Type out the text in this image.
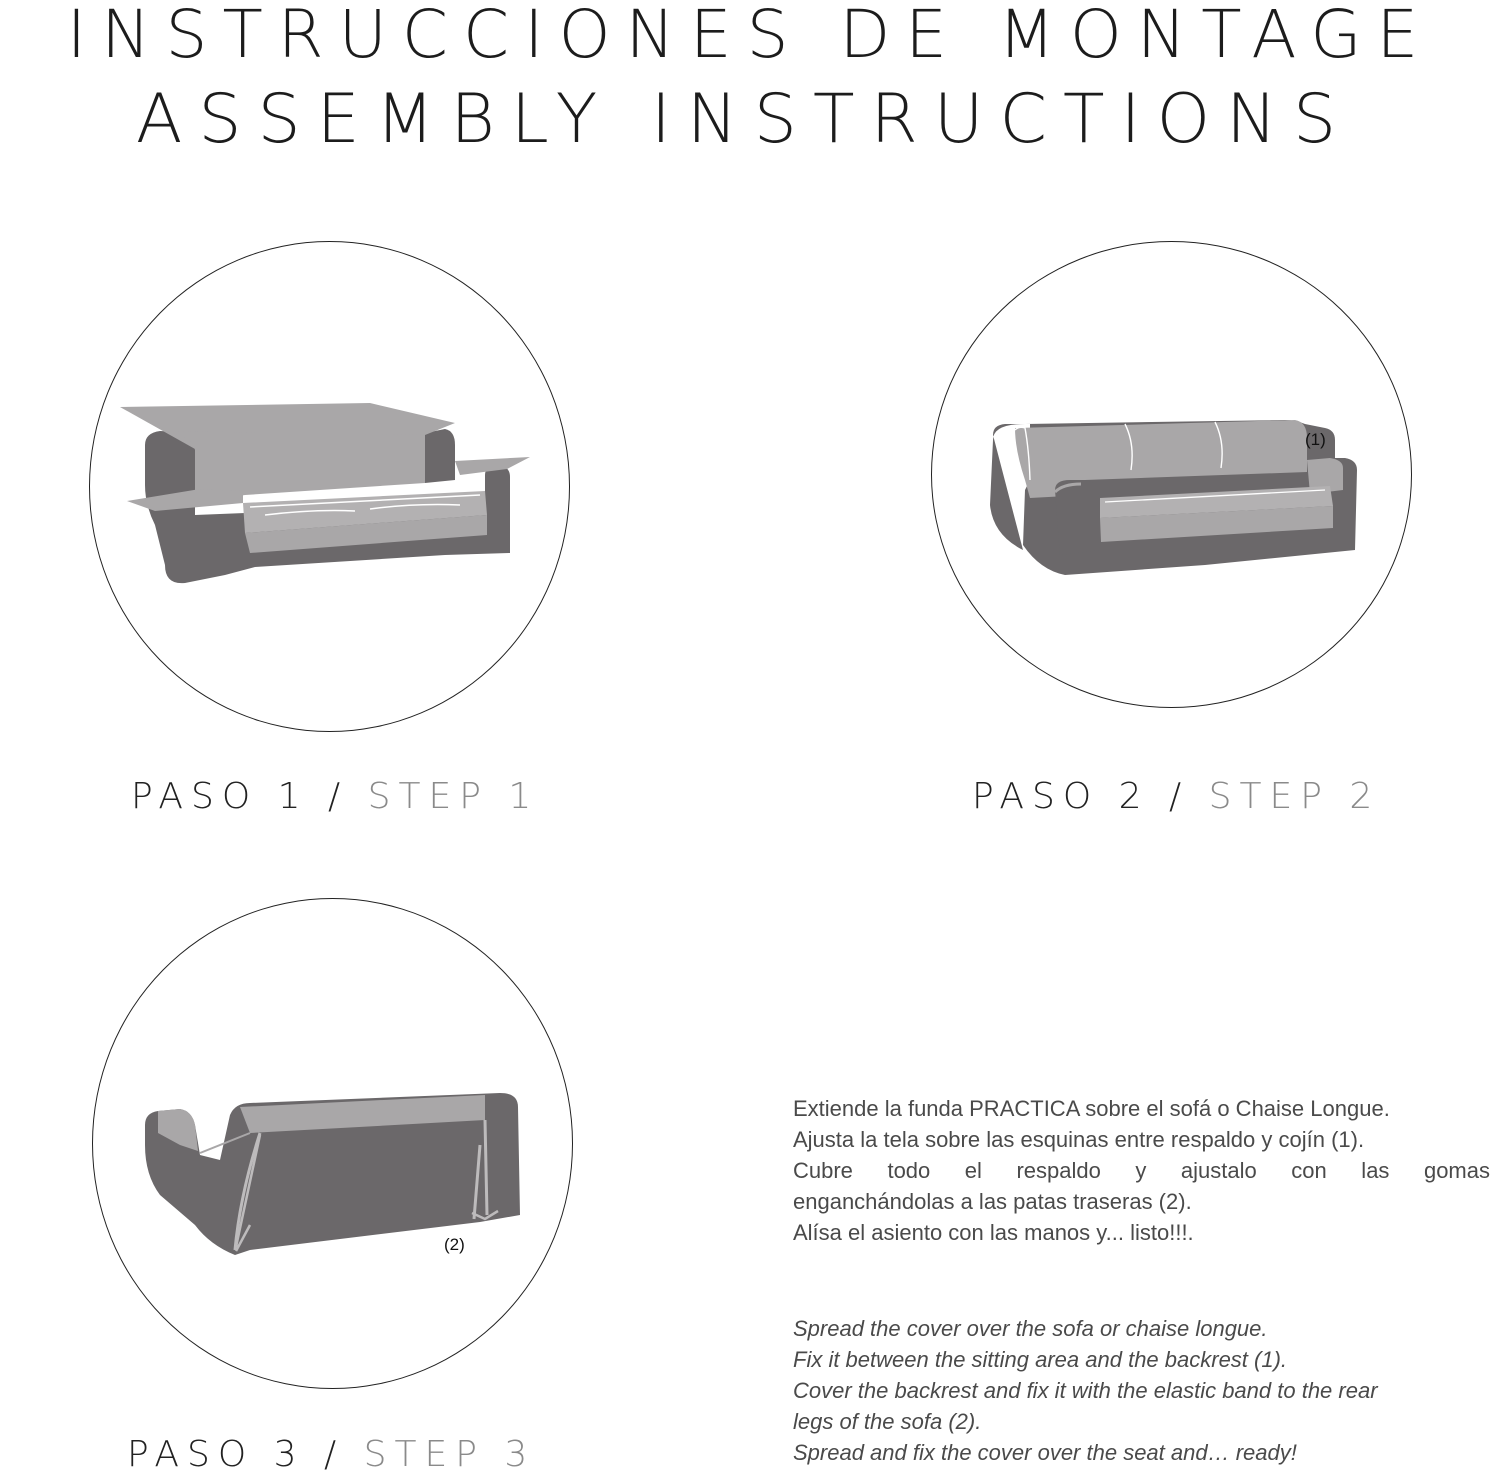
INSTRUCCIONES DE MONTAGE
ASSEMBLY INSTRUCTIONS
(1)
(2)
PASO 1 / STEP 1	PASO 2 / STEP 2
PASO 3 / STEP 3

Extiende la funda PRACTICA sobre el sofá o Chaise Longue.

Ajusta la tela sobre las esquinas entre respaldo y cojín (1).

Cubre todo el respaldo y ajustalo con las gomas

enganchándolas a las patas traseras (2).

Alísa el asiento con las manos y... listo!!!.

Spread the cover over the sofa or chaise longue.

Fix it between the sitting area and the backrest (1).

Cover the backrest and fix it with the elastic band to the rear

legs of the sofa (2).

Spread and fix the cover over the seat and… ready!
